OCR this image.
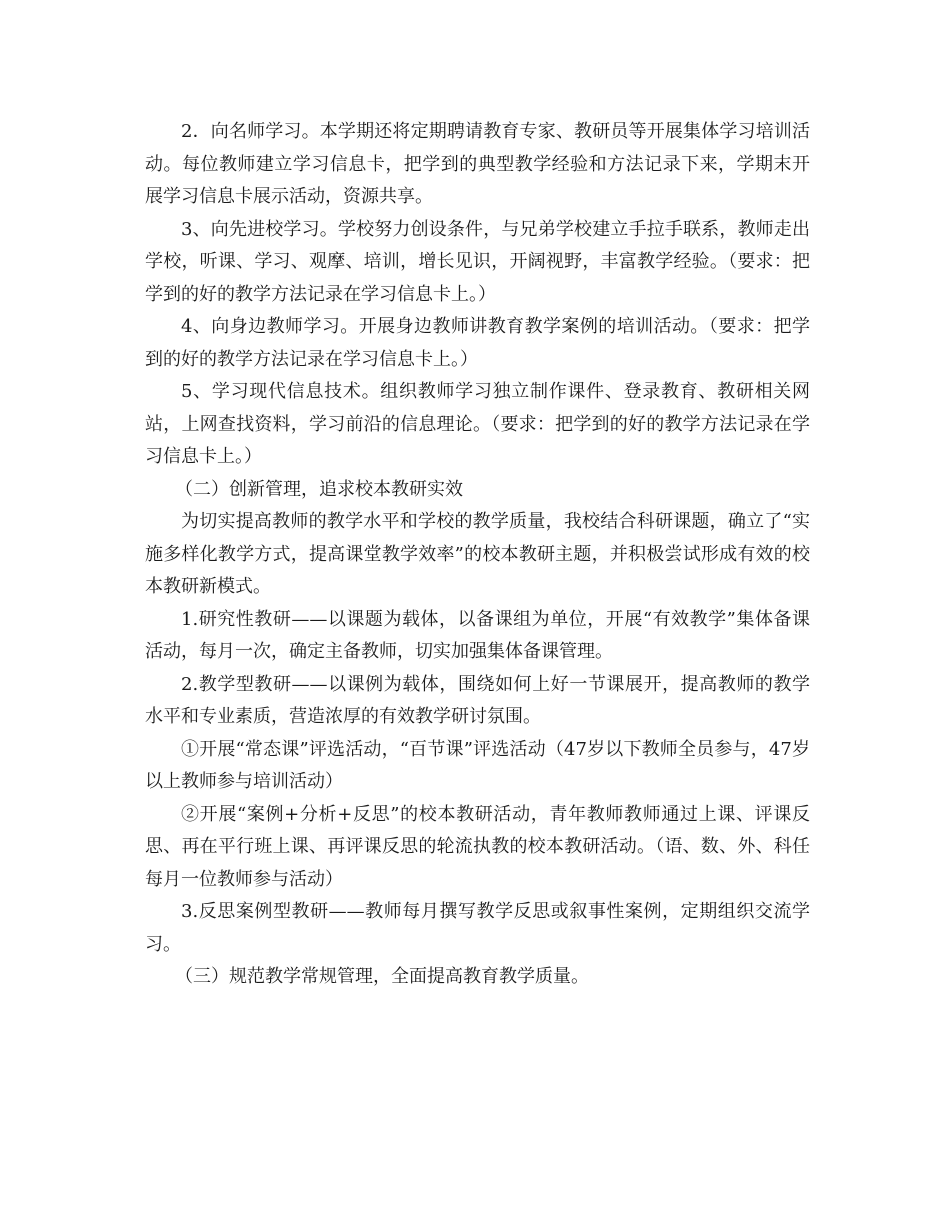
2．向名师学习。本学期还将定期聘请教育专家、教研员等开展集体学习培训活动。每位教师建立学习信息卡，把学到的典型教学经验和方法记录下来，学期末开展学习信息卡展示活动，资源共享。

3、向先进校学习。学校努力创设条件，与兄弟学校建立手拉手联系，教师走出学校，听课、学习、观摩、培训，增长见识，开阔视野，丰富教学经验。（要求：把学到的好的教学方法记录在学习信息卡上。）

4、向身边教师学习。开展身边教师讲教育教学案例的培训活动。（要求：把学到的好的教学方法记录在学习信息卡上。）

5、学习现代信息技术。组织教师学习独立制作课件、登录教育、教研相关网站，上网查找资料，学习前沿的信息理论。（要求：把学到的好的教学方法记录在学习信息卡上。）

（二）创新管理，追求校本教研实效

为切实提高教师的教学水平和学校的教学质量，我校结合科研课题，确立了“实施多样化教学方式，提高课堂教学效率”的校本教研主题，并积极尝试形成有效的校本教研新模式。

1.研究性教研——以课题为载体，以备课组为单位，开展“有效教学”集体备课活动，每月一次，确定主备教师，切实加强集体备课管理。

2.教学型教研——以课例为载体，围绕如何上好一节课展开，提高教师的教学水平和专业素质，营造浓厚的有效教学研讨氛围。

①开展“常态课”评选活动，“百节课”评选活动（47岁以下教师全员参与，47岁以上教师参与培训活动）

②开展“案例+分析+反思”的校本教研活动，青年教师教师通过上课、评课反思、再在平行班上课、再评课反思的轮流执教的校本教研活动。（语、数、外、科任每月一位教师参与活动）

3.反思案例型教研——教师每月撰写教学反思或叙事性案例，定期组织交流学习。

（三）规范教学常规管理，全面提高教育教学质量。
